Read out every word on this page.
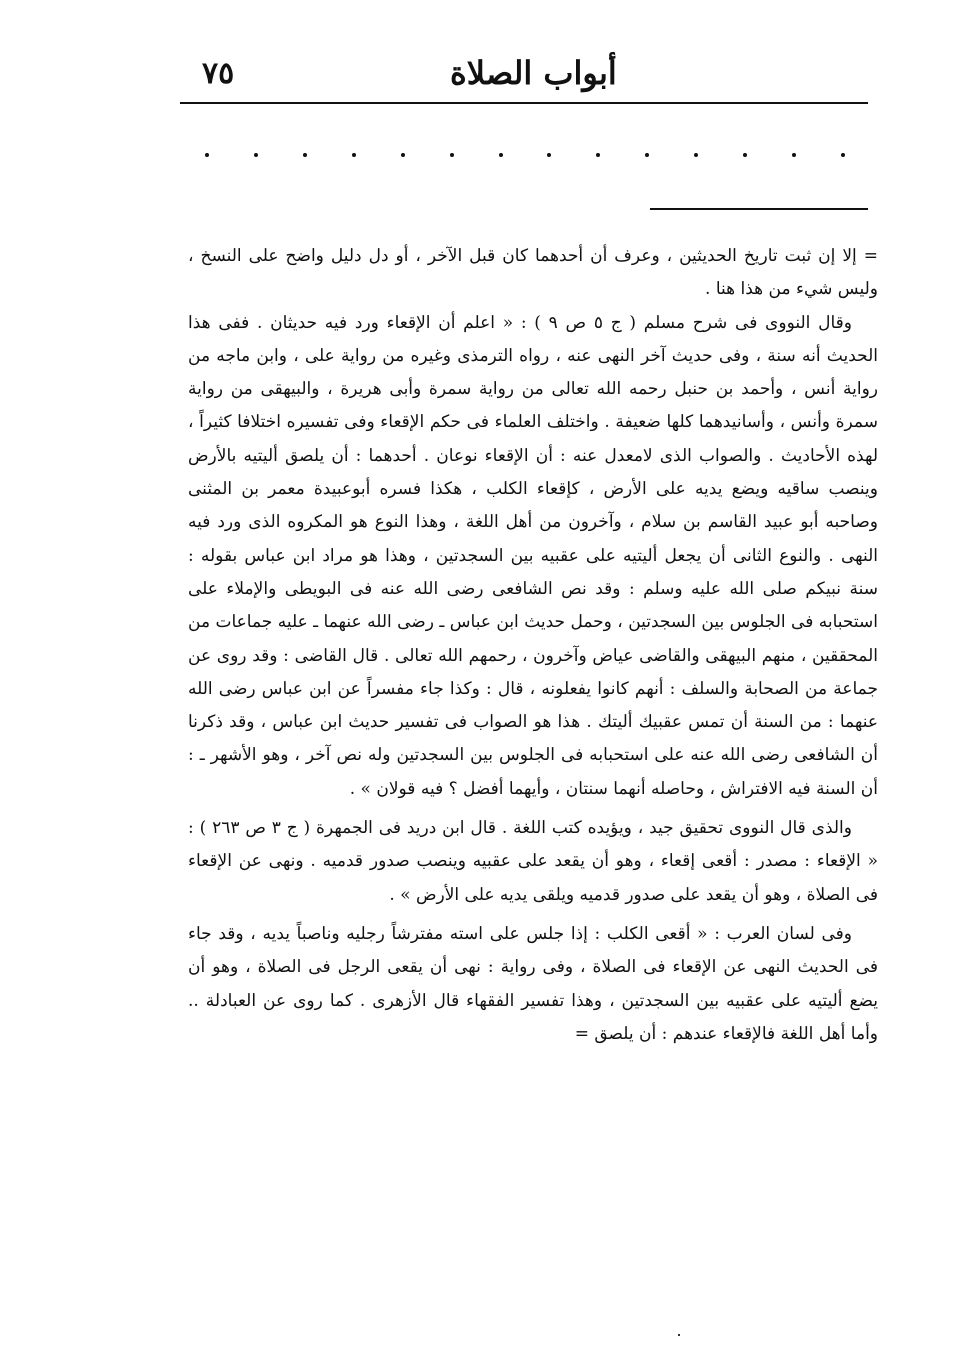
٧٥	أبواب الصلاة

= إلا إن ثبت تاريخ الحديثين ، وعرف أن أحدهما كان قبل الآخر ، أو دل دليل واضح على النسخ ، وليس شيء من هذا هنا .

وقال النووى فى شرح مسلم ( ج ٥ ص ٩ ) : « اعلم أن الإقعاء ورد فيه حديثان . ففى هذا الحديث أنه سنة ، وفى حديث آخر النهى عنه ، رواه الترمذى وغيره من رواية على ، وابن ماجه من رواية أنس ، وأحمد بن حنبل رحمه الله تعالى من رواية سمرة وأبى هريرة ، والبيهقى من رواية سمرة وأنس ، وأسانيدهما كلها ضعيفة . واختلف العلماء فى حكم الإقعاء وفى تفسيره اختلافا كثيراً ، لهذه الأحاديث . والصواب الذى لامعدل عنه : أن الإقعاء نوعان . أحدهما : أن يلصق أليتيه بالأرض وينصب ساقيه ويضع يديه على الأرض ، كإقعاء الكلب ، هكذا فسره أبوعبيدة معمر بن المثنى وصاحبه أبو عبيد القاسم بن سلام ، وآخرون من أهل اللغة ، وهذا النوع هو المكروه الذى ورد فيه النهى . والنوع الثانى أن يجعل أليتيه على عقبيه بين السجدتين ، وهذا هو مراد ابن عباس بقوله : سنة نبيكم صلى الله عليه وسلم : وقد نص الشافعى رضى الله عنه فى البويطى والإملاء على استحبابه فى الجلوس بين السجدتين ، وحمل حديث ابن عباس ـ رضى الله عنهما ـ عليه جماعات من المحققين ، منهم البيهقى والقاضى عياض وآخرون ، رحمهم الله تعالى . قال القاضى : وقد روى عن جماعة من الصحابة والسلف : أنهم كانوا يفعلونه ، قال : وكذا جاء مفسراً عن ابن عباس رضى الله عنهما : من السنة أن تمس عقبيك أليتك . هذا هو الصواب فى تفسير حديث ابن عباس ، وقد ذكرنا أن الشافعى رضى الله عنه على استحبابه فى الجلوس بين السجدتين وله نص آخر ، وهو الأشهر ـ : أن السنة فيه الافتراش ، وحاصله أنهما سنتان ، وأيهما أفضل ؟ فيه قولان » .

والذى قال النووى تحقيق جيد ، ويؤيده كتب اللغة . قال ابن دريد فى الجمهرة ( ج ٣ ص ٢٦٣ ) : « الإقعاء : مصدر : أقعى إقعاء ، وهو أن يقعد على عقبيه وينصب صدور قدميه . ونهى عن الإقعاء فى الصلاة ، وهو أن يقعد على صدور قدميه ويلقى يديه على الأرض » .

وفى لسان العرب : « أقعى الكلب : إذا جلس على استه مفترشاً رجليه وناصباً يديه ، وقد جاء فى الحديث النهى عن الإقعاء فى الصلاة ، وفى رواية : نهى أن يقعى الرجل فى الصلاة ، وهو أن يضع أليتيه على عقبيه بين السجدتين ، وهذا تفسير الفقهاء قال الأزهرى . كما روى عن العبادلة .. وأما أهل اللغة فالإقعاء عندهم : أن يلصق =
